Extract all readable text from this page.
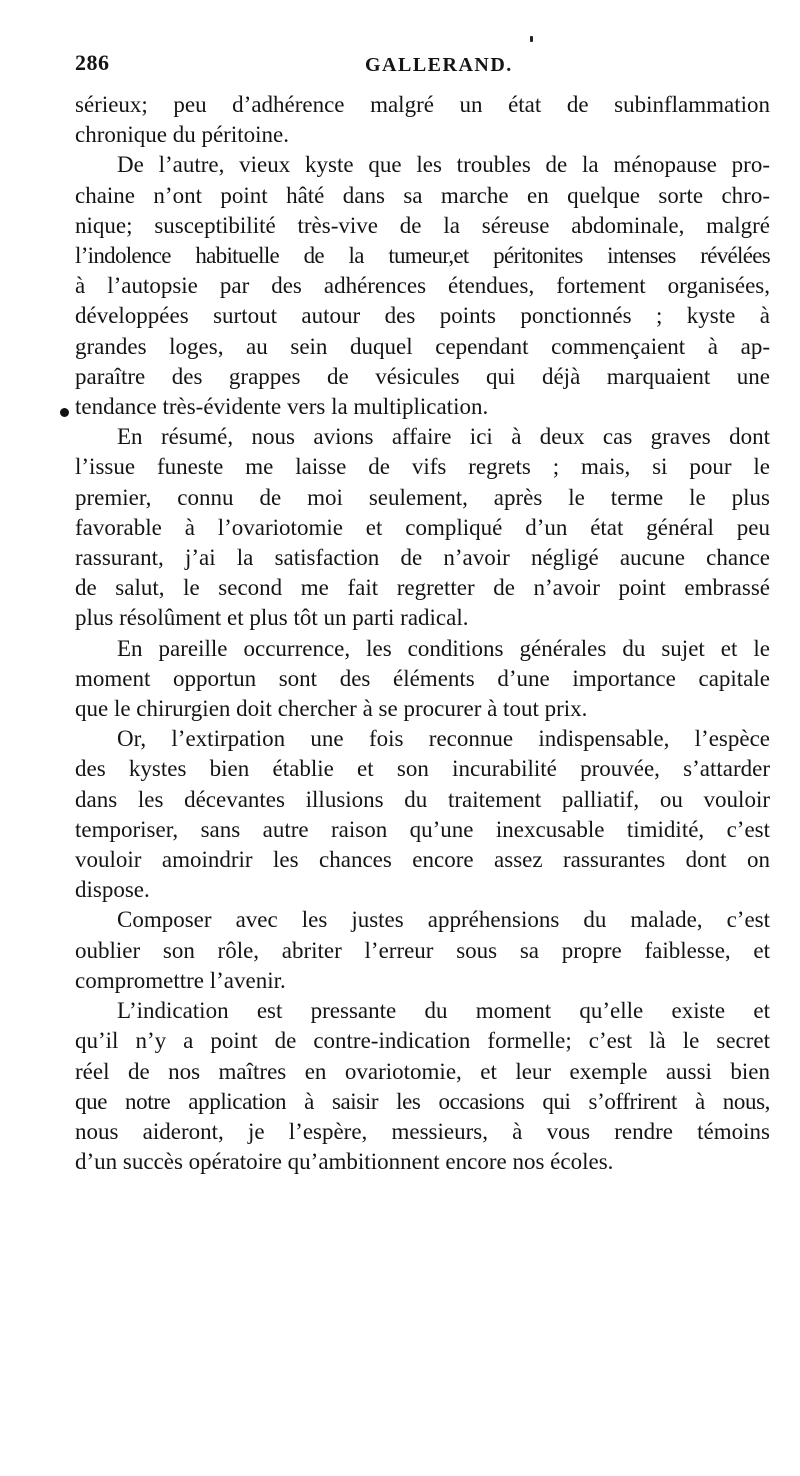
286	GALLERAND.

sérieux; peu d’adhérence malgré un état de subinflammation
chronique du péritoine.

De l’autre, vieux kyste que les troubles de la ménopause pro-
chaine n’ont point hâté dans sa marche en quelque sorte chro-
nique; susceptibilité très-vive de la séreuse abdominale, malgré
l’indolence habituelle de la tumeur,et péritonites intenses révélées
à l’autopsie par des adhérences étendues, fortement organisées,
développées surtout autour des points ponctionnés ; kyste à
grandes loges, au sein duquel cependant commençaient à ap-
paraître des grappes de vésicules qui déjà marquaient une
tendance très-évidente vers la multiplication.

En résumé, nous avions affaire ici à deux cas graves dont
l’issue funeste me laisse de vifs regrets ; mais, si pour le
premier, connu de moi seulement, après le terme le plus
favorable à l’ovariotomie et compliqué d’un état général peu
rassurant, j’ai la satisfaction de n’avoir négligé aucune chance
de salut, le second me fait regretter de n’avoir point embrassé
plus résolûment et plus tôt un parti radical.

En pareille occurrence, les conditions générales du sujet et le
moment opportun sont des éléments d’une importance capitale
que le chirurgien doit chercher à se procurer à tout prix.

Or, l’extirpation une fois reconnue indispensable, l’espèce
des kystes bien établie et son incurabilité prouvée, s’attarder
dans les décevantes illusions du traitement palliatif, ou vouloir
temporiser, sans autre raison qu’une inexcusable timidité, c’est
vouloir amoindrir les chances encore assez rassurantes dont on
dispose.

Composer avec les justes appréhensions du malade, c’est
oublier son rôle, abriter l’erreur sous sa propre faiblesse, et
compromettre l’avenir.

L’indication est pressante du moment qu’elle existe et
qu’il n’y a point de contre-indication formelle; c’est là le secret
réel de nos maîtres en ovariotomie, et leur exemple aussi bien
que notre application à saisir les occasions qui s’offrirent à nous,
nous aideront, je l’espère, messieurs, à vous rendre témoins
d’un succès opératoire qu’ambitionnent encore nos écoles.
